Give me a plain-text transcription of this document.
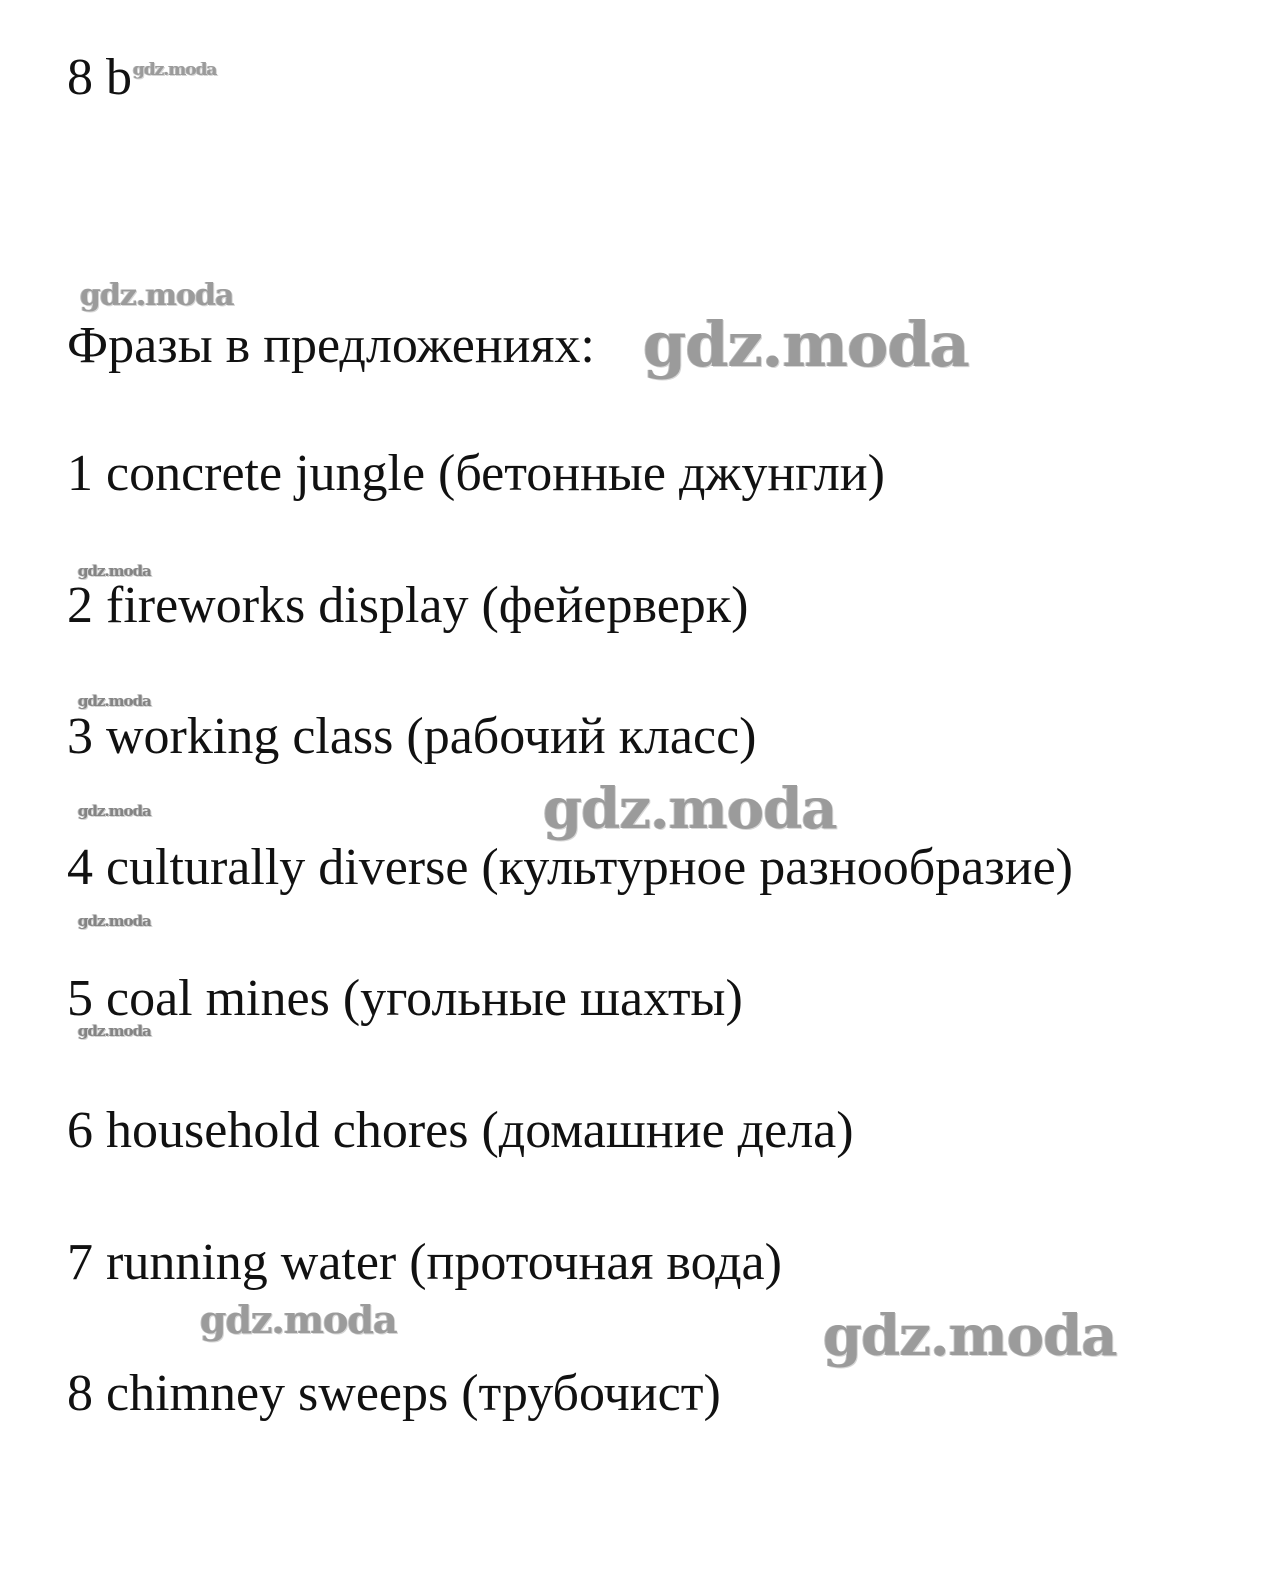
8 b gdz.moda
gdz.moda
Фразы в предложениях: gdz.moda
1 concrete jungle (бетонные джунгли)
gdz.moda
2 fireworks display (фейерверк)
gdz.moda
3 working class (рабочий класс)
gdz.moda	gdz.moda
4 culturally diverse (культурное разнообразие)
gdz.moda
5 coal mines (угольные шахты)
gdz.moda
6 household chores (домашние дела)
7 running water (проточная вода)
gdz.moda	gdz.moda
8 chimney sweeps (трубочист)
